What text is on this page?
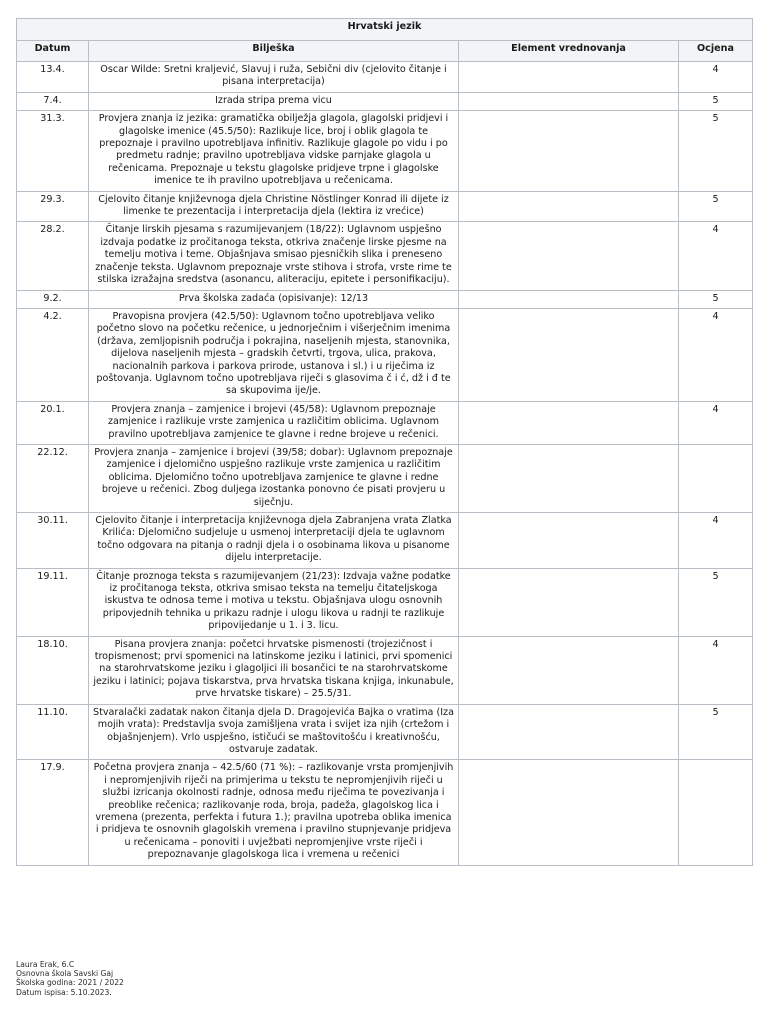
Hrvatski jezik			
Datum	Bilješka	Element vrednovanja	Ocjena
13.4.	Oscar Wilde: Sretni kraljević, Slavuj i ruža, Sebični div (cjelovito čitanje i pisana interpretacija)		4
7.4.	Izrada stripa prema vicu		5
31.3.	Provjera znanja iz jezika: gramatička obilježja glagola, glagolski pridjevi i glagolske imenice (45.5/50): Razlikuje lice, broj i oblik glagola te prepoznaje i pravilno upotrebljava infinitiv. Razlikuje glagole po vidu i po predmetu radnje; pravilno upotrebljava vidske parnjake glagola u rečenicama. Prepoznaje u tekstu glagolske pridjeve trpne i glagolske imenice te ih pravilno upotrebljava u rečenicama.		5
29.3.	Cjelovito čitanje književnoga djela Christine Nöstlinger Konrad ili dijete iz limenke te prezentacija i interpretacija djela (lektira iz vrećice)		5
28.2.	Čitanje lirskih pjesama s razumijevanjem (18/22): Uglavnom uspješno izdvaja podatke iz pročitanoga teksta, otkriva značenje lirske pjesme na temelju motiva i teme. Objašnjava smisao pjesničkih slika i preneseno značenje teksta. Uglavnom prepoznaje vrste stihova i strofa, vrste rime te stilska izražajna sredstva (asonancu, aliteraciju, epitete i personifikaciju).		4
9.2.	Prva školska zadaća (opisivanje): 12/13		5
4.2.	Pravopisna provjera (42.5/50): Uglavnom točno upotrebljava veliko početno slovo na početku rečenice, u jednorječnim i višerječnim imenima (država, zemljopisnih područja i pokrajina, naseljenih mjesta, stanovnika, dijelova naseljenih mjesta – gradskih četvrti, trgova, ulica, prakova, nacionalnih parkova i parkova prirode, ustanova i sl.) i u riječima iz poštovanja. Uglavnom točno upotrebljava riječi s glasovima č i ć, dž i đ te sa skupovima ije/je.		4
20.1.	Provjera znanja – zamjenice i brojevi (45/58): Uglavnom prepoznaje zamjenice i razlikuje vrste zamjenica u različitim oblicima. Uglavnom pravilno upotrebljava zamjenice te glavne i redne brojeve u rečenici.		4
22.12.	Provjera znanja – zamjenice i brojevi (39/58; dobar): Uglavnom prepoznaje zamjenice i djelomično uspješno razlikuje vrste zamjenica u različitim oblicima. Djelomično točno upotrebljava zamjenice te glavne i redne brojeve u rečenici. Zbog duljega izostanka ponovno će pisati provjeru u siječnju.		
30.11.	Cjelovito čitanje i interpretacija književnoga djela Zabranjena vrata Zlatka Krilića: Djelomično sudjeluje u usmenoj interpretaciji djela te uglavnom točno odgovara na pitanja o radnji djela i o osobinama likova u pisanome dijelu interpretacije.		4
19.11.	Čitanje proznoga teksta s razumijevanjem (21/23): Izdvaja važne podatke iz pročitanoga teksta, otkriva smisao teksta na temelju čitateljskoga iskustva te odnosa teme i motiva u tekstu. Objašnjava ulogu osnovnih pripovjednih tehnika u prikazu radnje i ulogu likova u radnji te razlikuje pripovijedanje u 1. i 3. licu.		5
18.10.	Pisana provjera znanja: početci hrvatske pismenosti (trojezičnost i tropismenost; prvi spomenici na latinskome jeziku i latinici, prvi spomenici na starohrvatskome jeziku i glagoljici ili bosančici te na starohrvatskome jeziku i latinici; pojava tiskarstva, prva hrvatska tiskana knjiga, inkunabule, prve hrvatske tiskare) – 25.5/31.		4
11.10.	Stvaralački zadatak nakon čitanja djela D. Dragojevića Bajka o vratima (Iza mojih vrata): Predstavlja svoja zamišljena vrata i svijet iza njih (crtežom i objašnjenjem). Vrlo uspješno, ističući se maštovitošću i kreativnošću, ostvaruje zadatak.		5
17.9.	Početna provjera znanja – 42.5/60 (71 %): – razlikovanje vrsta promjenjivih i nepromjenjivih riječi na primjerima u tekstu te nepromjenjivih riječi u službi izricanja okolnosti radnje, odnosa među riječima te povezivanja i preoblike rečenica; razlikovanje roda, broja, padeža, glagolskog lica i vremena (prezenta, perfekta i futura 1.); pravilna upotreba oblika imenica i pridjeva te osnovnih glagolskih vremena i pravilno stupnjevanje pridjeva u rečenicama – ponoviti i uvježbati nepromjenjive vrste riječi i prepoznavanje glagolskoga lica i vremena u rečenici		
Laura Erak, 6.C
Osnovna škola Savski Gaj
Školska godina: 2021 / 2022
Datum ispisa: 5.10.2023.
